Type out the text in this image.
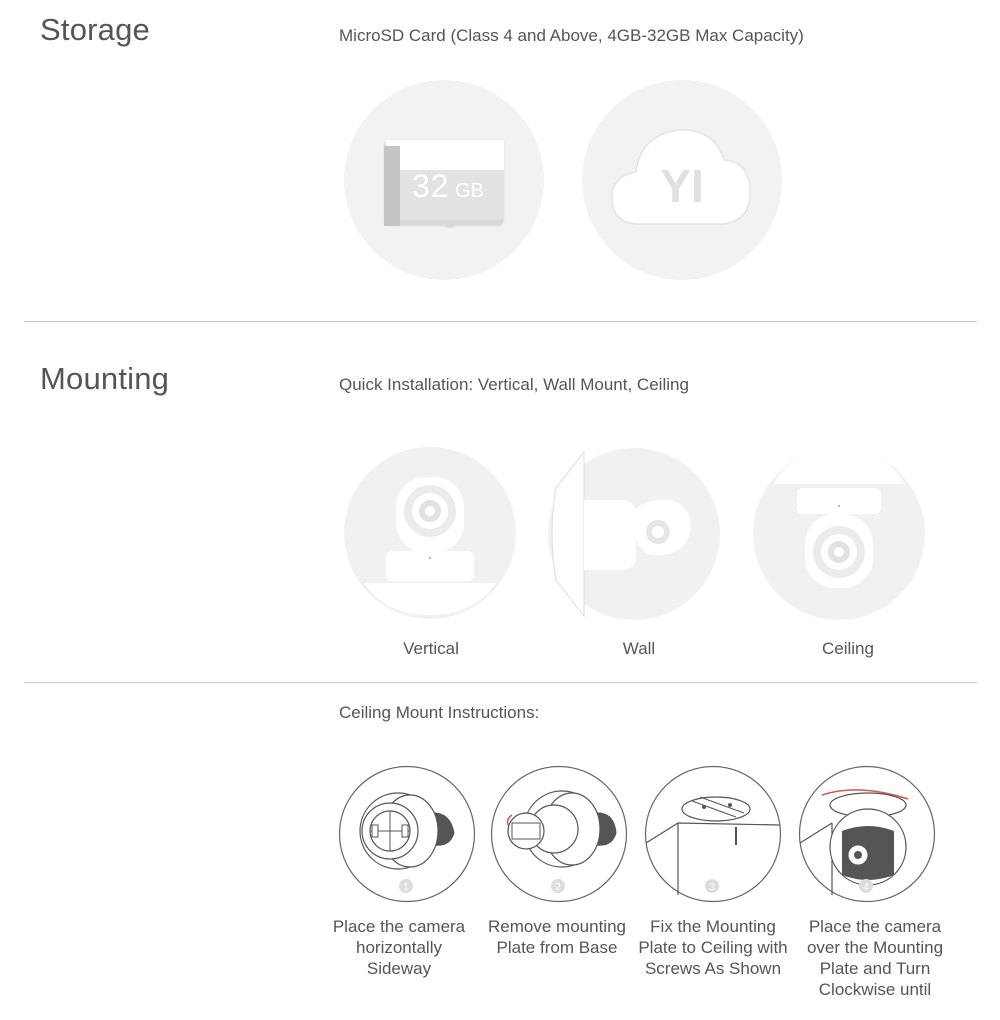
Storage	MicroSD Card (Class 4 and Above, 4GB-32GB Max Capacity)
32 GB	YI
Mounting	Quick Installation: Vertical, Wall Mount, Ceiling
Vertical	Wall	Ceiling
Ceiling Mount Instructions:
1	2	3	4
Place the camera horizontally Sideway
Remove mounting Plate from Base
Fix the Mounting Plate to Ceiling with Screws As Shown
Place the camera over the Mounting Plate and Turn Clockwise until
